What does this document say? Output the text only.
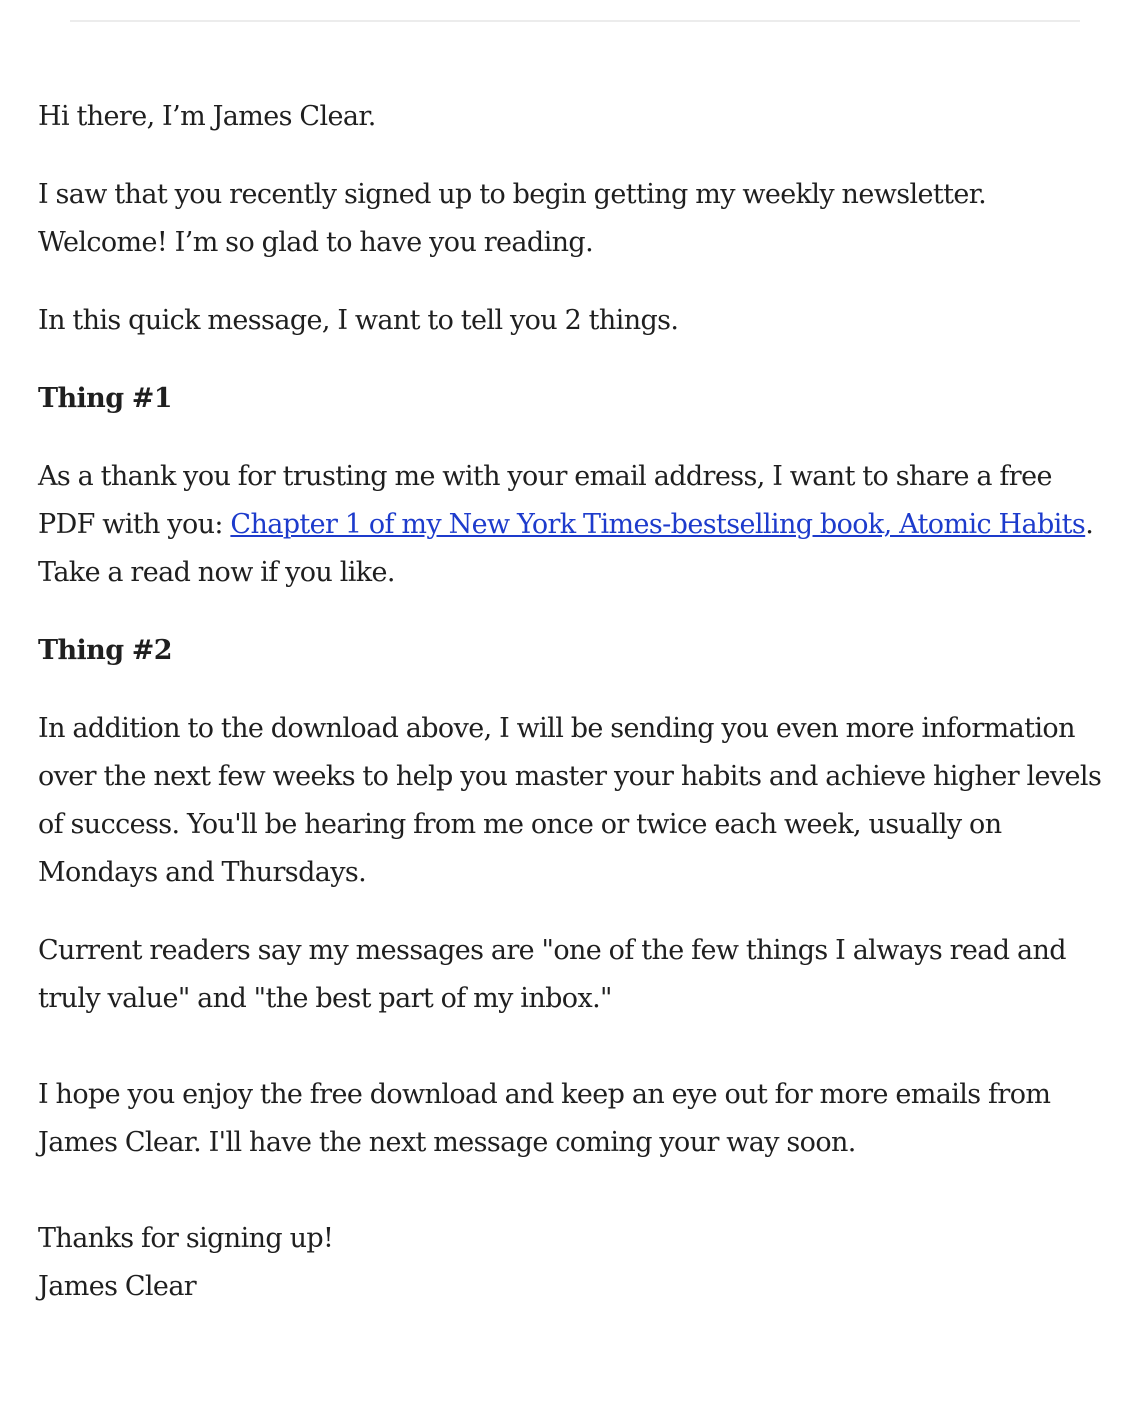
Hi there, I’m James Clear.

I saw that you recently signed up to begin getting my weekly newsletter. Welcome! I’m so glad to have you reading.

In this quick message, I want to tell you 2 things.

Thing #1

As a thank you for trusting me with your email address, I want to share a free PDF with you: Chapter 1 of my New York Times-bestselling book, Atomic Habits. Take a read now if you like.

Thing #2

In addition to the download above, I will be sending you even more information over the next few weeks to help you master your habits and achieve higher levels of success. You'll be hearing from me once or twice each week, usually on Mondays and Thursdays.

Current readers say my messages are "one of the few things I always read and truly value" and "the best part of my inbox."

I hope you enjoy the free download and keep an eye out for more emails from James Clear. I'll have the next message coming your way soon.

Thanks for signing up!

James Clear
